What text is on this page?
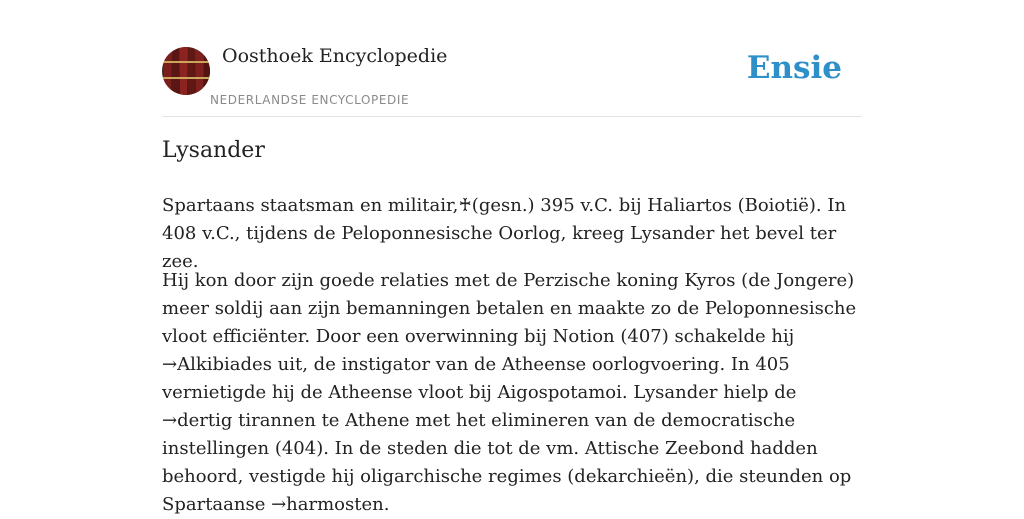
Oosthoek Encyclopedie
NEDERLANDSE ENCYCLOPEDIE
Ensie
Lysander

Spartaans staatsman en militair,♰(gesn.) 395 v.C. bij Haliartos (Boiotië). In 408 v.C., tijdens de Peloponnesische Oorlog, kreeg Lysander het bevel ter zee.

Hij kon door zijn goede relaties met de Perzische koning Kyros (de Jongere) meer soldij aan zijn bemanningen betalen en maakte zo de Peloponnesische vloot efficiënter. Door een overwinning bij Notion (407) schakelde hij →Alkibiades uit, de instigator van de Atheense oorlogvoering. In 405 vernietigde hij de Atheense vloot bij Aigospotamoi. Lysander hielp de →dertig tirannen te Athene met het elimineren van de democratische instellingen (404). In de steden die tot de vm. Attische Zeebond hadden behoord, vestigde hij oligarchische regimes (dekarchieën), die steunden op Spartaanse →harmosten.
